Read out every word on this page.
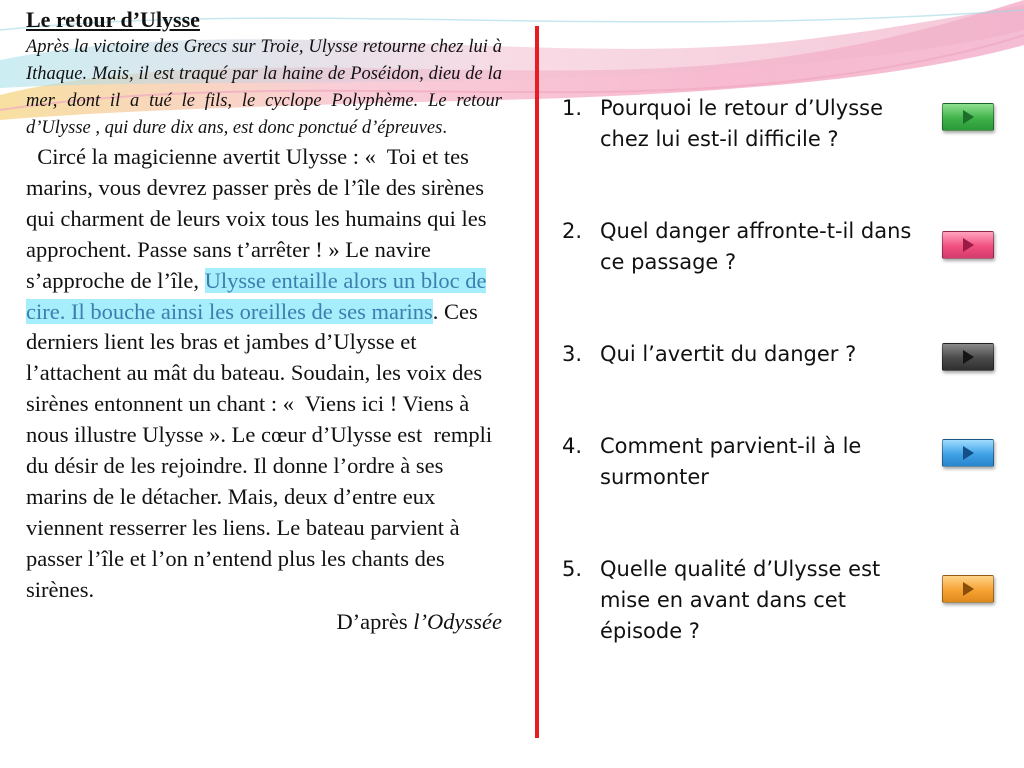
Le retour d’Ulysse

Après la victoire des Grecs sur Troie, Ulysse retourne chez lui à Ithaque. Mais, il est traqué par la haine de Poséidon, dieu de la mer, dont il a tué le fils, le cyclope Polyphème. Le retour d’Ulysse , qui dure dix ans, est donc ponctué d’épreuves.

Circé la magicienne avertit Ulysse : «  Toi et tes marins, vous devrez passer près de l’île des sirènes qui charment de leurs voix tous les humains qui les approchent. Passe sans t’arrêter ! » Le navire s’approche de l’île, Ulysse entaille alors un bloc de cire. Il bouche ainsi les oreilles de ses marins. Ces derniers lient les bras et jambes d’Ulysse et l’attachent au mât du bateau. Soudain, les voix des sirènes entonnent un chant : «  Viens ici ! Viens à nous illustre Ulysse ». Le cœur d’Ulysse est  rempli du désir de les rejoindre. Il donne l’ordre à ses marins de le détacher. Mais, deux d’entre eux viennent resserrer les liens. Le bateau parvient à passer l’île et l’on n’entend plus les chants des sirènes.

D’après l’Odyssée

1. Pourquoi le retour d’Ulysse chez lui est-il difficile ?
2. Quel danger affronte-t-il dans ce passage ?
3. Qui l’avertit du danger ?
4. Comment parvient-il à le surmonter
5. Quelle qualité d’Ulysse est mise en avant dans cet épisode ?
